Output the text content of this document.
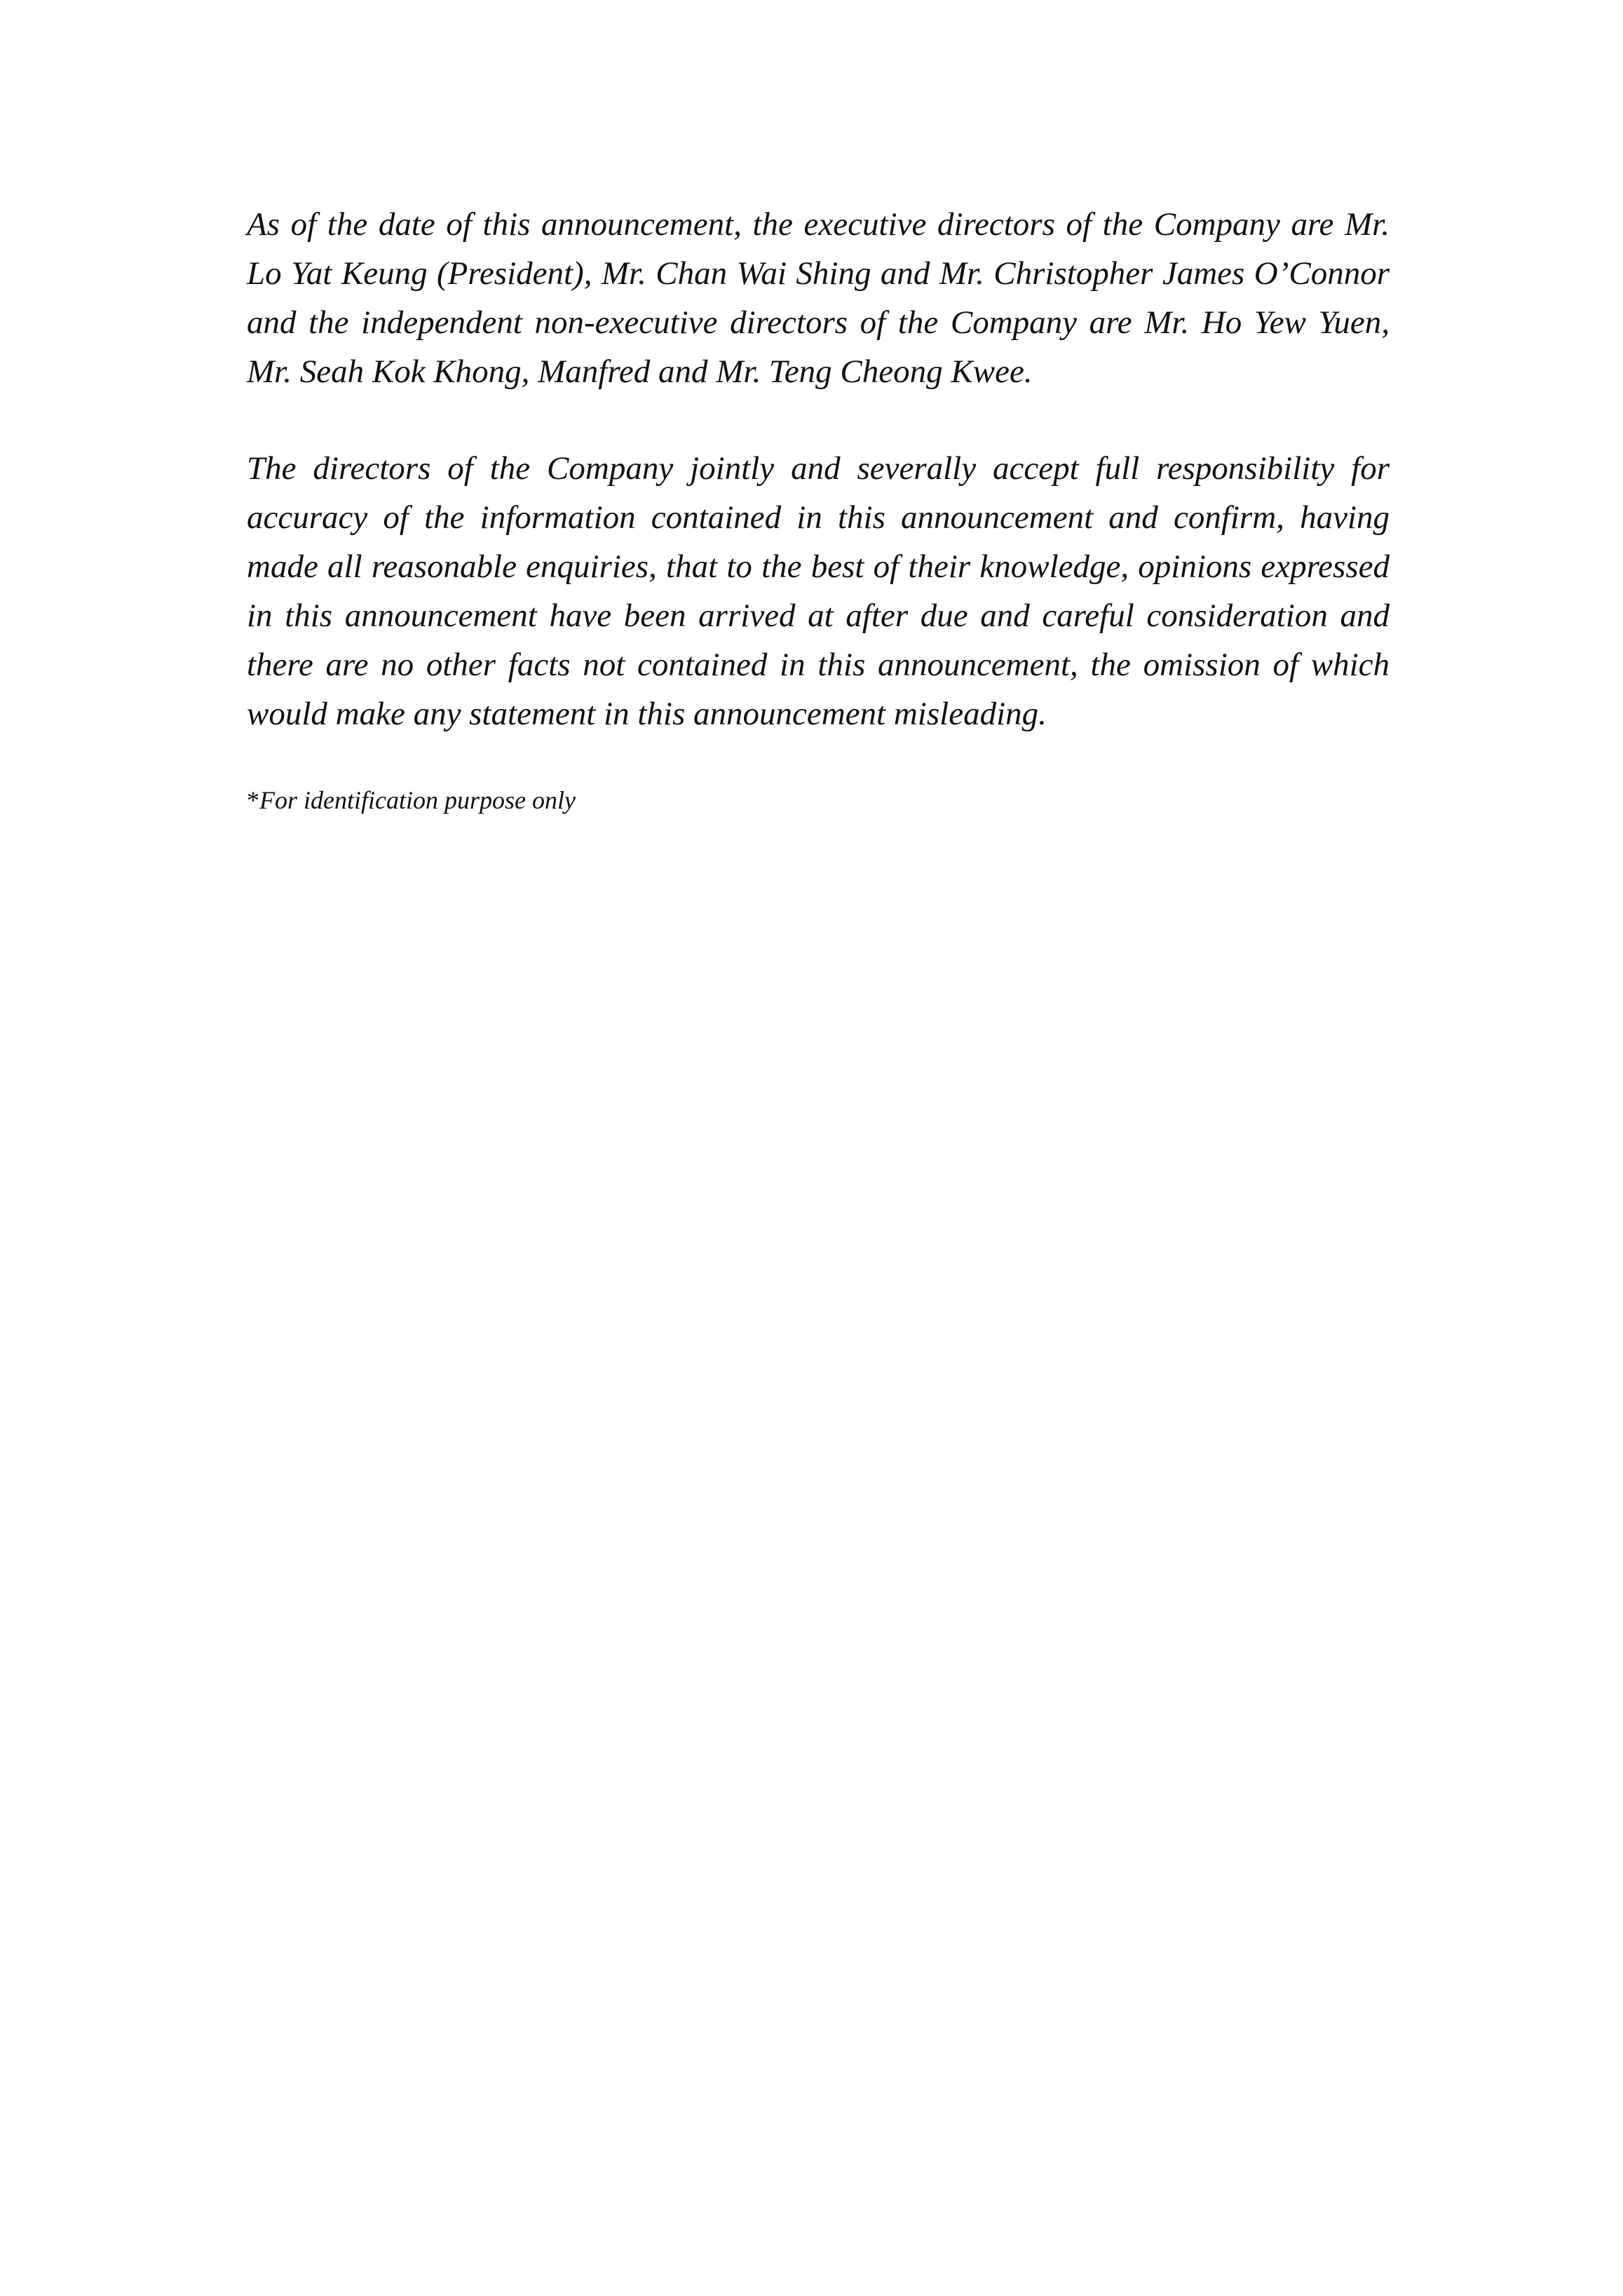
As of the date of this announcement, the executive directors of the Company are Mr. Lo Yat Keung (President), Mr. Chan Wai Shing and Mr. Christopher James O’Connor and the independent non-executive directors of the Company are Mr. Ho Yew Yuen, Mr. Seah Kok Khong, Manfred and Mr. Teng Cheong Kwee.

The directors of the Company jointly and severally accept full responsibility for accuracy of the information contained in this announcement and confirm, having made all reasonable enquiries, that to the best of their knowledge, opinions expressed in this announcement have been arrived at after due and careful consideration and there are no other facts not contained in this announcement, the omission of which would make any statement in this announcement misleading.

*For identification purpose only
